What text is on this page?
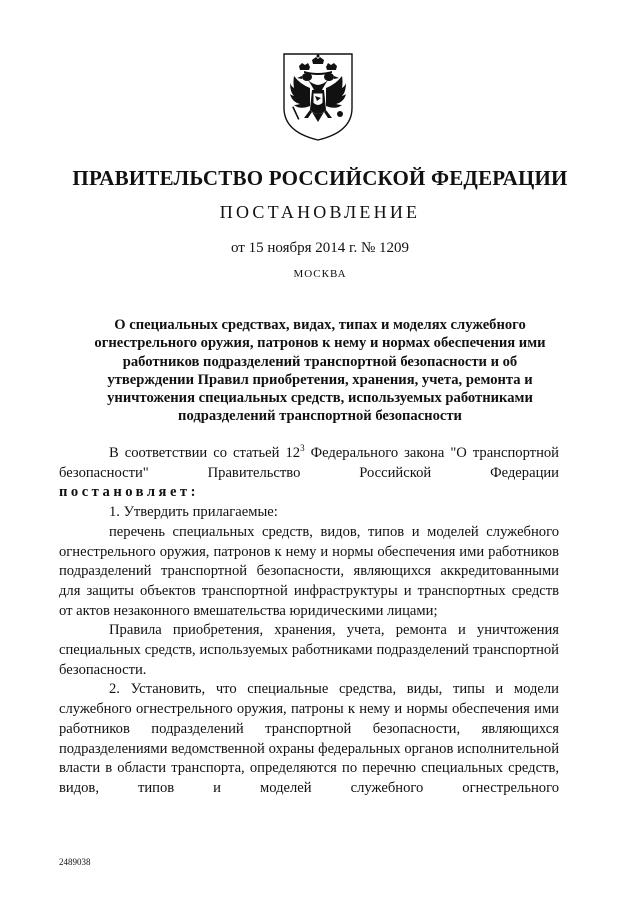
ПРАВИТЕЛЬСТВО РОССИЙСКОЙ ФЕДЕРАЦИИ
ПОСТАНОВЛЕНИЕ
от 15 ноября 2014 г. № 1209
МОСКВА
О специальных средствах, видах, типах и моделях служебного
огнестрельного оружия, патронов к нему и нормах обеспечения ими
работников подразделений транспортной безопасности и об
утверждении Правил приобретения, хранения, учета, ремонта и
уничтожения специальных средств, используемых работниками
подразделений транспортной безопасности

В соответствии со статьей $12^3$ Федерального закона "О транспортной безопасности" Правительство Российской Федерации

постановляет:

1. Утвердить прилагаемые:

перечень специальных средств, видов, типов и моделей служебного огнестрельного оружия, патронов к нему и нормы обеспечения ими работников подразделений транспортной безопасности, являющихся аккредитованными для защиты объектов транспортной инфраструктуры и транспортных средств от актов незаконного вмешательства юридическими лицами;

Правила приобретения, хранения, учета, ремонта и уничтожения специальных средств, используемых работниками подразделений транспортной безопасности.

2. Установить, что специальные средства, виды, типы и модели служебного огнестрельного оружия, патроны к нему и нормы обеспечения ими работников подразделений транспортной безопасности, являющихся подразделениями ведомственной охраны федеральных органов исполнительной власти в области транспорта, определяются по перечню специальных средств, видов, типов и моделей служебного огнестрельного

2489038
